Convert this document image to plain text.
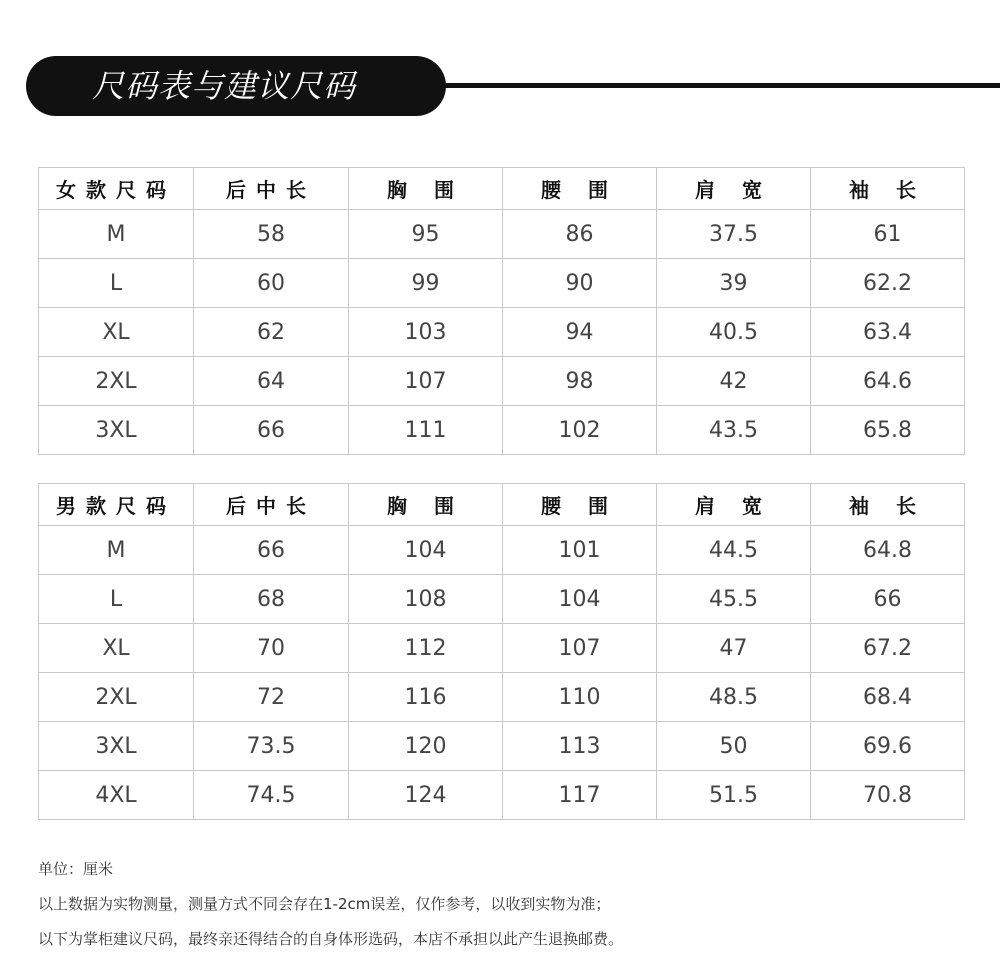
尺码表与建议尺码
女款尺码	后中长	胸 围	腰 围	肩 宽	袖 长
M	58	95	86	37.5	61
L	60	99	90	39	62.2
XL	62	103	94	40.5	63.4
2XL	64	107	98	42	64.6
3XL	66	111	102	43.5	65.8
男款尺码	后中长	胸 围	腰 围	肩 宽	袖 长
M	66	104	101	44.5	64.8
L	68	108	104	45.5	66
XL	70	112	107	47	67.2
2XL	72	116	110	48.5	68.4
3XL	73.5	120	113	50	69.6
4XL	74.5	124	117	51.5	70.8
单位：厘米
以上数据为实物测量，测量方式不同会存在1-2cm误差，仅作参考，以收到实物为准；
以下为掌柜建议尺码，最终亲还得结合的自身体形选码，本店不承担以此产生退换邮费。
